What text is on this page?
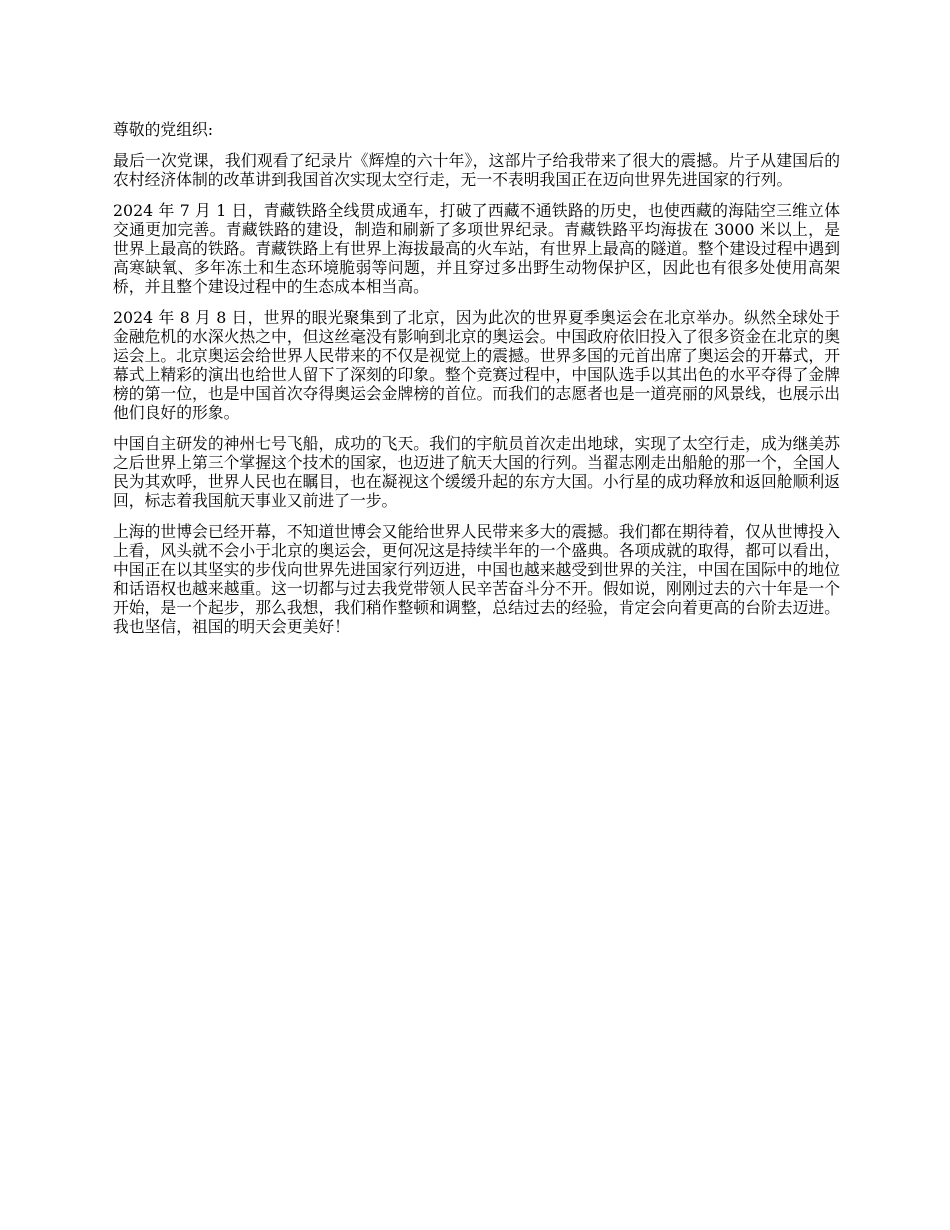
尊敬的党组织:

最后一次党课，我们观看了纪录片《辉煌的六十年》，这部片子给我带来了很大的震撼。片子从建国后的农村经济体制的改革讲到我国首次实现太空行走，无一不表明我国正在迈向世界先进国家的行列。

2024 年 7 月 1 日，青藏铁路全线贯成通车，打破了西藏不通铁路的历史，也使西藏的海陆空三维立体交通更加完善。青藏铁路的建设，制造和刷新了多项世界纪录。青藏铁路平均海拔在 3000 米以上，是世界上最高的铁路。青藏铁路上有世界上海拔最高的火车站，有世界上最高的隧道。整个建设过程中遇到高寒缺氧、多年冻土和生态环境脆弱等问题，并且穿过多出野生动物保护区，因此也有很多处使用高架桥，并且整个建设过程中的生态成本相当高。

2024 年 8 月 8 日，世界的眼光聚集到了北京，因为此次的世界夏季奥运会在北京举办。纵然全球处于金融危机的水深火热之中，但这丝毫没有影响到北京的奥运会。中国政府依旧投入了很多资金在北京的奥运会上。北京奥运会给世界人民带来的不仅是视觉上的震撼。世界多国的元首出席了奥运会的开幕式，开幕式上精彩的演出也给世人留下了深刻的印象。整个竞赛过程中，中国队选手以其出色的水平夺得了金牌榜的第一位，也是中国首次夺得奥运会金牌榜的首位。而我们的志愿者也是一道亮丽的风景线，也展示出他们良好的形象。

中国自主研发的神州七号飞船，成功的飞天。我们的宇航员首次走出地球，实现了太空行走，成为继美苏之后世界上第三个掌握这个技术的国家，也迈进了航天大国的行列。当翟志刚走出船舱的那一个，全国人民为其欢呼，世界人民也在瞩目，也在凝视这个缓缓升起的东方大国。小行星的成功释放和返回舱顺利返回，标志着我国航天事业又前进了一步。

上海的世博会已经开幕，不知道世博会又能给世界人民带来多大的震撼。我们都在期待着，仅从世博投入上看，风头就不会小于北京的奥运会，更何况这是持续半年的一个盛典。各项成就的取得，都可以看出，中国正在以其坚实的步伐向世界先进国家行列迈进，中国也越来越受到世界的关注，中国在国际中的地位和话语权也越来越重。这一切都与过去我党带领人民辛苦奋斗分不开。假如说，刚刚过去的六十年是一个开始，是一个起步，那么我想，我们稍作整顿和调整，总结过去的经验，肯定会向着更高的台阶去迈进。我也坚信，祖国的明天会更美好！
